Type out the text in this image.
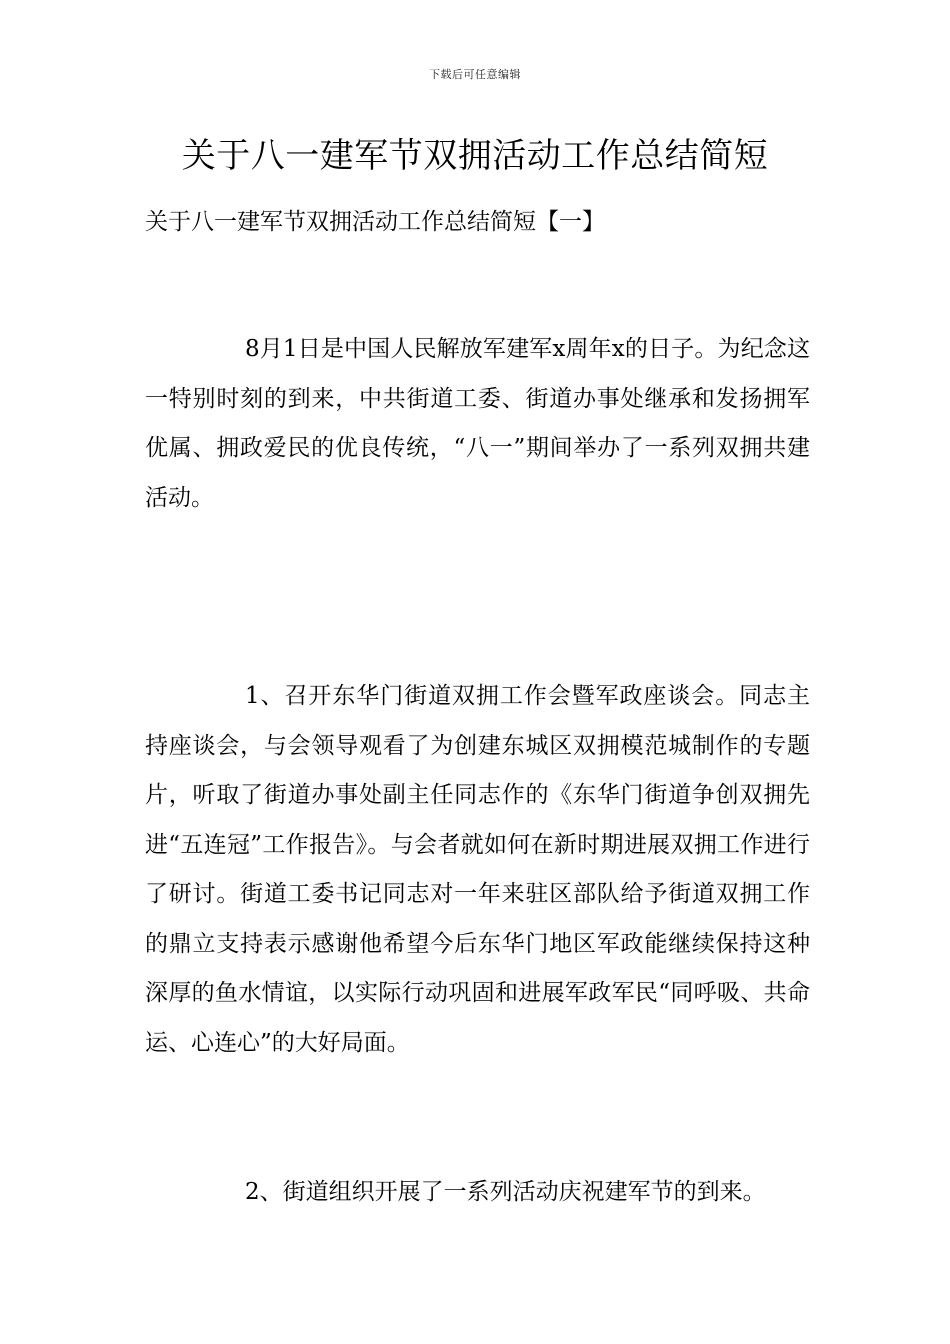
下载后可任意编辑
关于八一建军节双拥活动工作总结简短
关于八一建军节双拥活动工作总结简短【一】

8月1日是中国人民解放军建军x周年x的日子。为纪念这一特别时刻的到来，中共街道工委、街道办事处继承和发扬拥军优属、拥政爱民的优良传统，“八一”期间举办了一系列双拥共建活动。

1、召开东华门街道双拥工作会暨军政座谈会。同志主持座谈会，与会领导观看了为创建东城区双拥模范城制作的专题片，听取了街道办事处副主任同志作的《东华门街道争创双拥先进“五连冠”工作报告》。与会者就如何在新时期进展双拥工作进行了研讨。街道工委书记同志对一年来驻区部队给予街道双拥工作的鼎立支持表示感谢他希望今后东华门地区军政能继续保持这种深厚的鱼水情谊，以实际行动巩固和进展军政军民“同呼吸、共命运、心连心”的大好局面。

2、街道组织开展了一系列活动庆祝建军节的到来。
